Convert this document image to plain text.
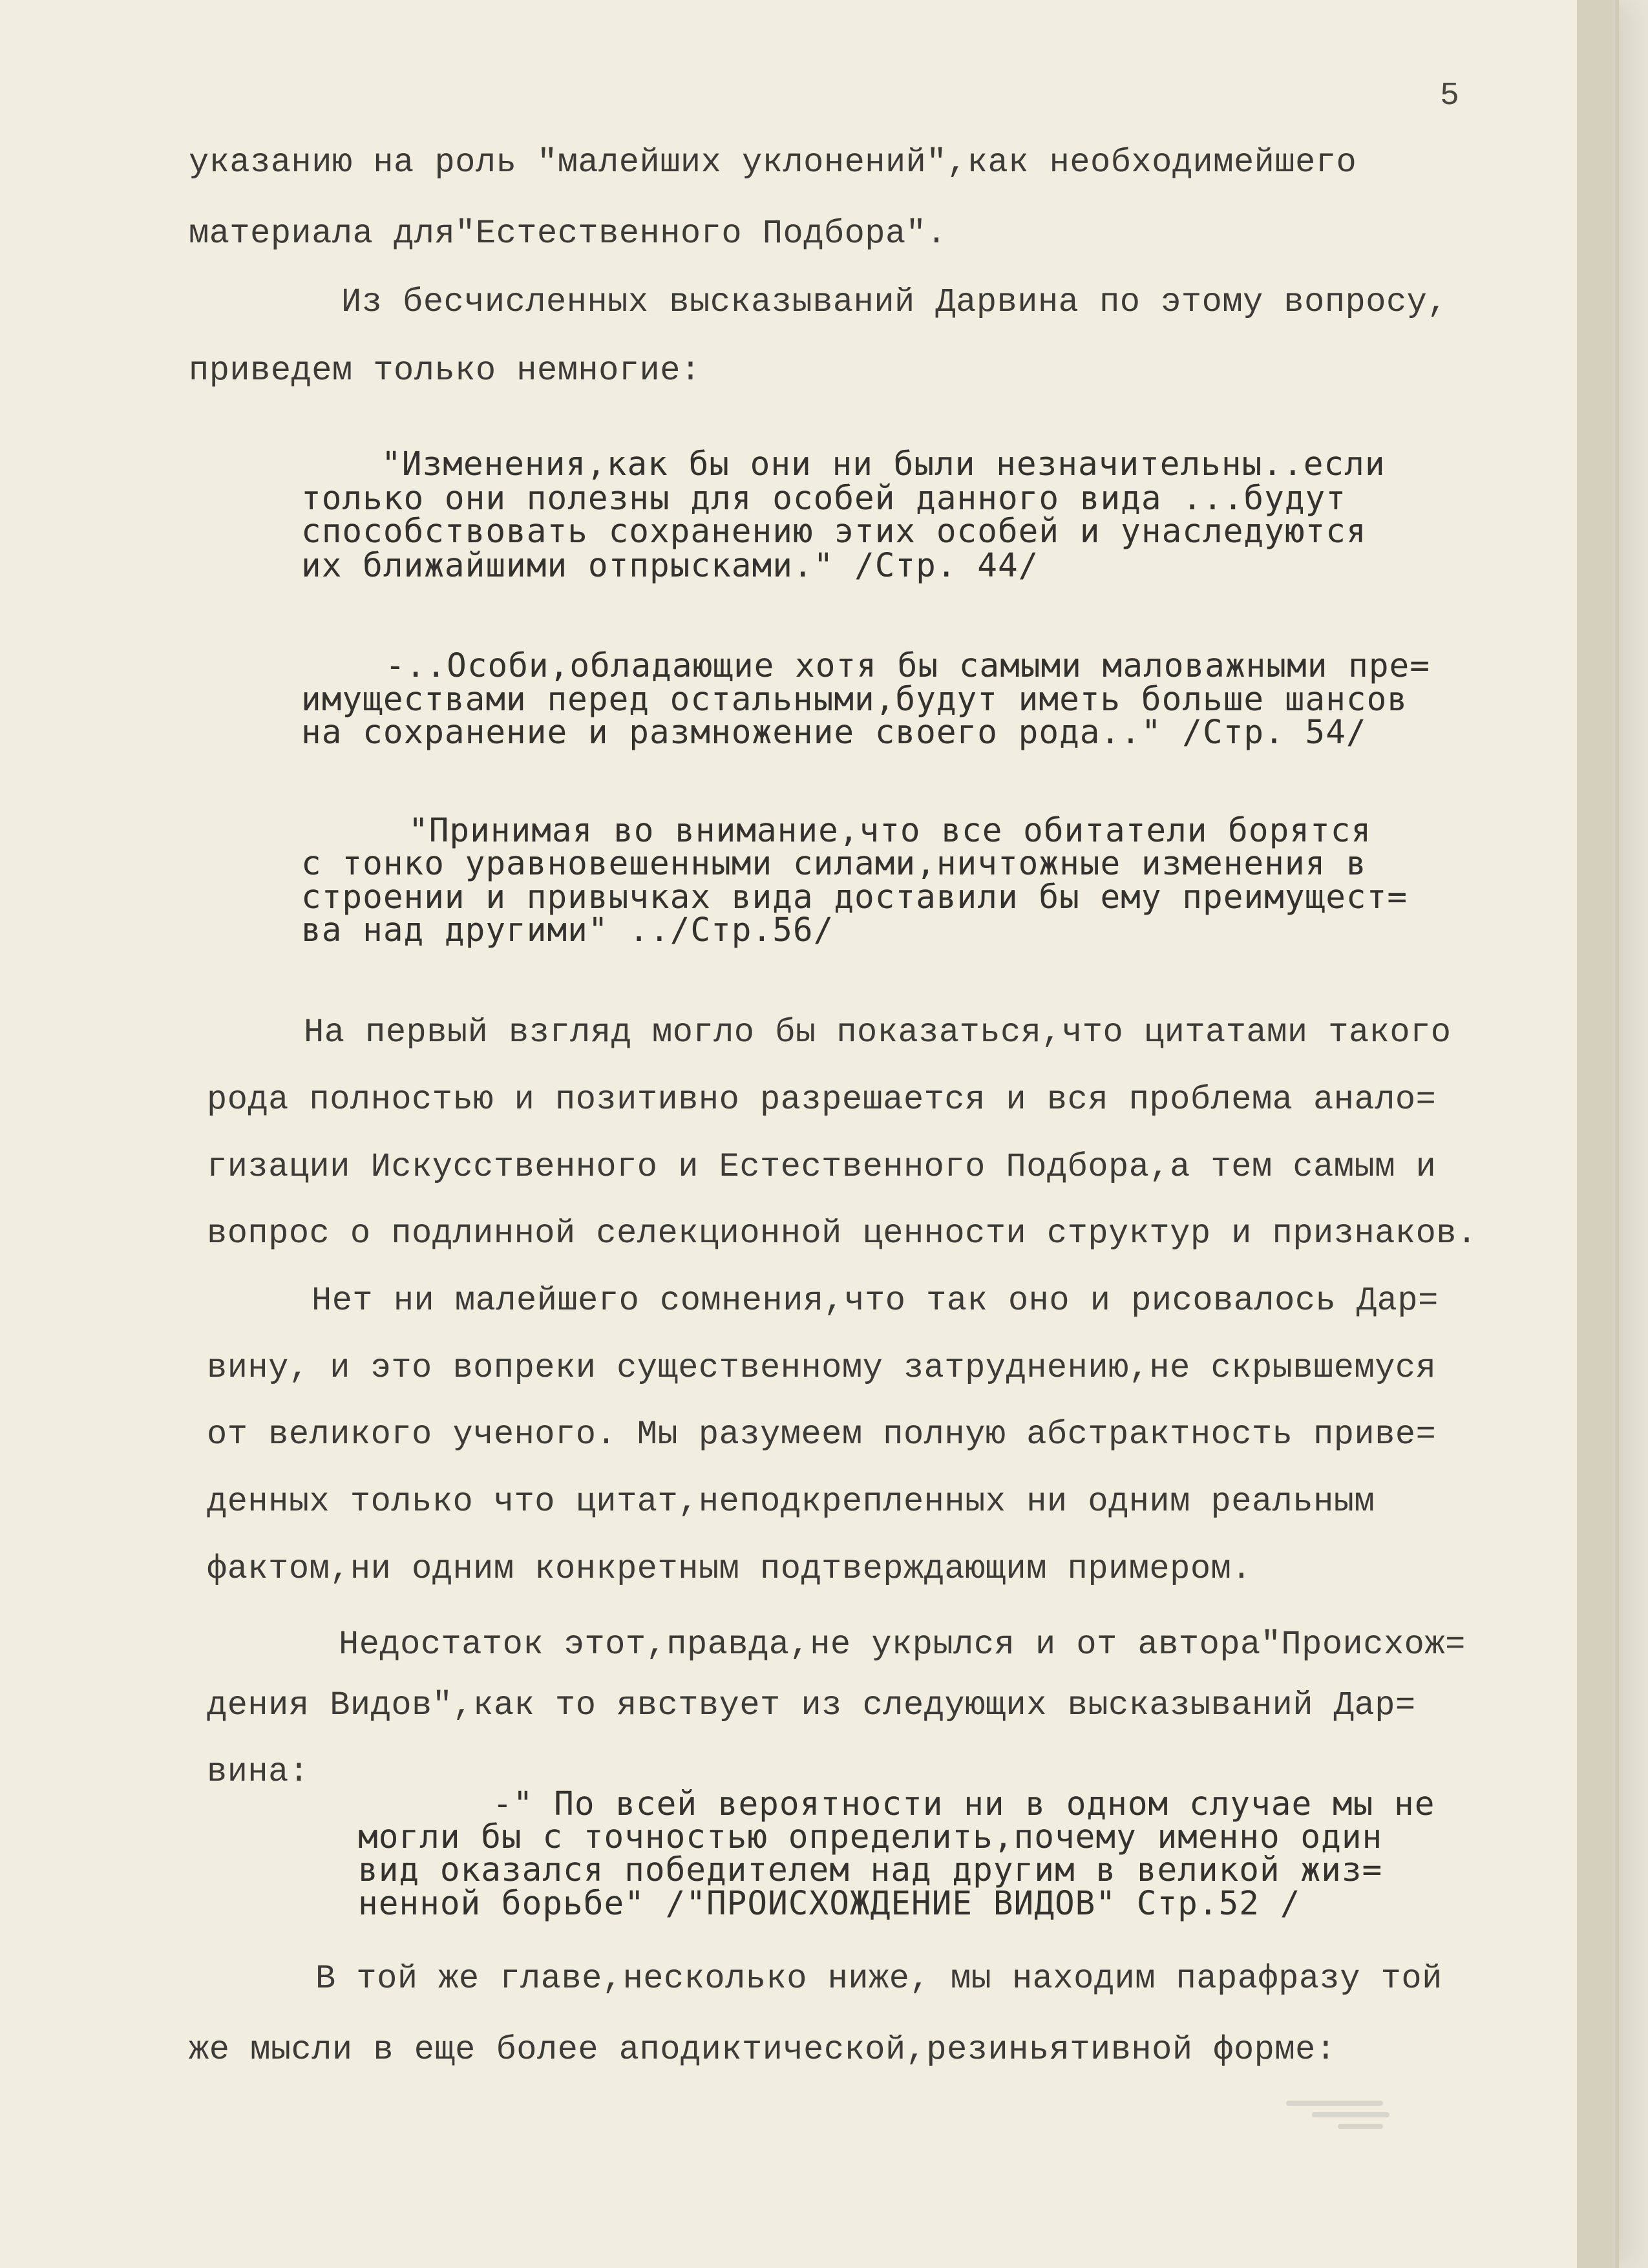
5
указанию на роль "малейших уклонений",как необходимейшего
материала для"Естественного Подбора".
Из бесчисленных высказываний Дарвина по этому вопросу,
приведем только немногие:
"Изменения,как бы они ни были незначительны..если
только они полезны для особей данного вида ...будут
способствовать сохранению этих особей и унаследуются
их ближайшими отпрысками." /Стр. 44/
-..Особи,обладающие хотя бы самыми маловажными пре=
имуществами перед остальными,будут иметь больше шансов
на сохранение и размножение своего рода.." /Стр. 54/
"Принимая во внимание,что все обитатели борятся
с тонко уравновешенными силами,ничтожные изменения в
строении и привычках вида доставили бы ему преимущест=
ва над другими" ../Стр.56/
На первый взгляд могло бы показаться,что цитатами такого
рода полностью и позитивно разрешается и вся проблема анало=
гизации Искусственного и Естественного Подбора,а тем самым и
вопрос о подлинной селекционной ценности структур и признаков.
Нет ни малейшего сомнения,что так оно и рисовалось Дар=
вину, и это вопреки существенному затруднению,не скрывшемуся
от великого ученого. Мы разумеем полную абстрактность приве=
денных только что цитат,неподкрепленных ни одним реальным
фактом,ни одним конкретным подтверждающим примером.
Недостаток этот,правда,не укрылся и от автора"Происхож=
дения Видов",как то явствует из следующих высказываний Дар=
вина:
-" По всей вероятности ни в одном случае мы не
могли бы с точностью определить,почему именно один
вид оказался победителем над другим в великой жиз=
ненной борьбе" /"ПРОИСХОЖДЕНИЕ ВИДОВ" Стр.52 /
В той же главе,несколько ниже, мы находим парафразу той
же мысли в еще более аподиктической,резиньятивной форме:
